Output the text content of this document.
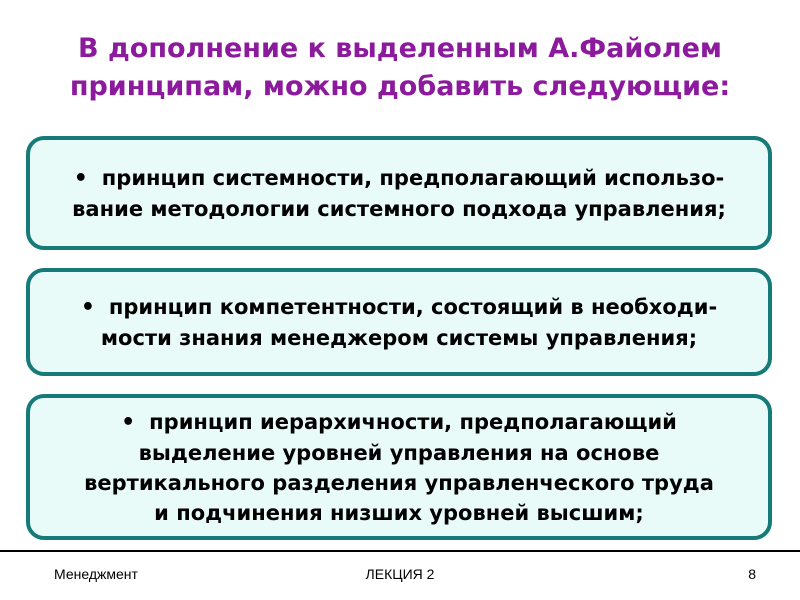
В дополнение к выделенным А.Файолем
принципам, можно добавить следующие:
• принцип системности, предполагающий использо-
вание методологии системного подхода управления;
• принцип компетентности, состоящий в необходи-
мости знания менеджером системы управления;
• принцип иерархичности, предполагающий
выделение уровней управления на основе
вертикального разделения управленческого труда
и подчинения низших уровней высшим;
Менеджмент	ЛЕКЦИЯ 2	8
